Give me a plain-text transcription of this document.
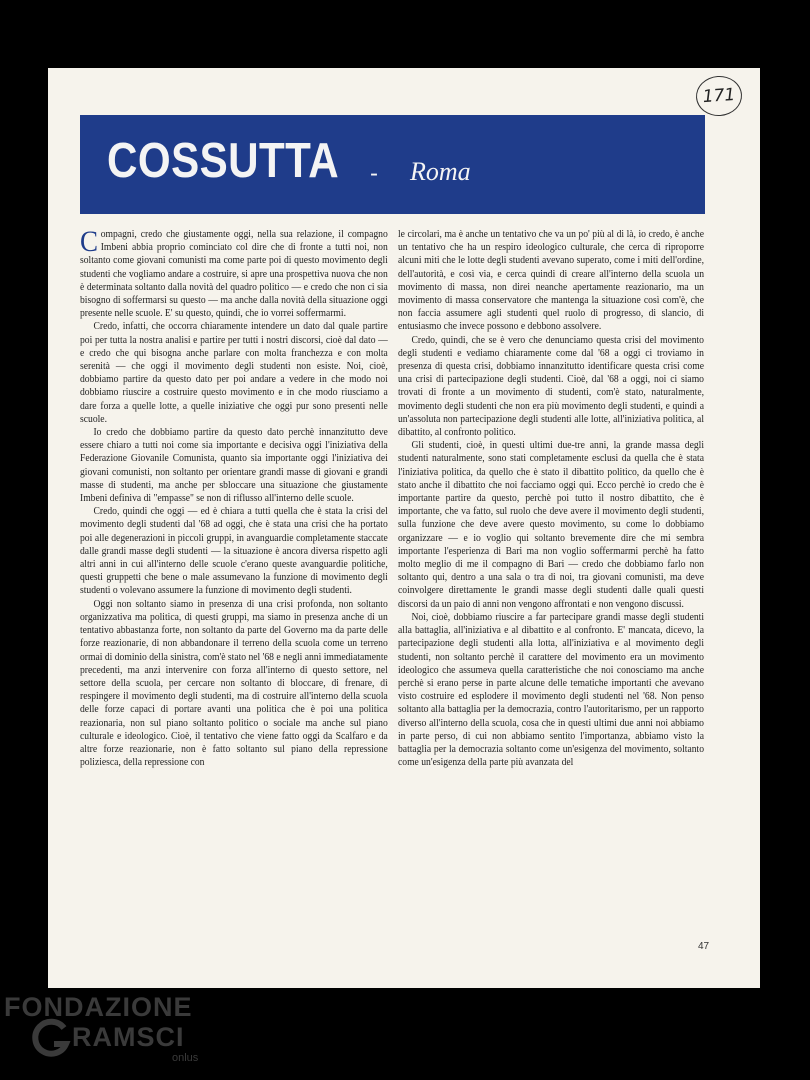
171
COSSUTTA - Roma

Compagni, credo che giustamente oggi, nella sua relazione, il compagno Imbeni abbia proprio cominciato col dire che di fronte a tutti noi, non soltanto come giovani comunisti ma come parte poi di questo movimento degli studenti che vogliamo andare a costruire, si apre una prospettiva nuova che non è determinata soltanto dalla novità del quadro politico — e credo che non ci sia bisogno di soffermarsi su questo — ma anche dalla novità della situazione oggi presente nelle scuole. E' su questo, quindi, che io vorrei soffermarmi.

Credo, infatti, che occorra chiaramente intendere un dato dal quale partire poi per tutta la nostra analisi e partire per tutti i nostri discorsi, cioè dal dato — e credo che qui bisogna anche parlare con molta franchezza e con molta serenità — che oggi il movimento degli studenti non esiste. Noi, cioè, dobbiamo partire da questo dato per poi andare a vedere in che modo noi dobbiamo riuscire a costruire questo movimento e in che modo riusciamo a dare forza a quelle lotte, a quelle iniziative che oggi pur sono presenti nelle scuole.

Io credo che dobbiamo partire da questo dato perchè innanzitutto deve essere chiaro a tutti noi come sia importante e decisiva oggi l'iniziativa della Federazione Giovanile Comunista, quanto sia importante oggi l'iniziativa dei giovani comunisti, non soltanto per orientare grandi masse di giovani e grandi masse di studenti, ma anche per sbloccare una situazione che giustamente Imbeni definiva di "empasse" se non di riflusso all'interno delle scuole.

Credo, quindi che oggi — ed è chiara a tutti quella che è stata la crisi del movimento degli studenti dal '68 ad oggi, che è stata una crisi che ha portato poi alle degenerazioni in piccoli gruppi, in avanguardie completamente staccate dalle grandi masse degli studenti — la situazione è ancora diversa rispetto agli altri anni in cui all'interno delle scuole c'erano queste avanguardie politiche, questi gruppetti che bene o male assumevano la funzione di movimento degli studenti o volevano assumere la funzione di movimento degli studenti.

Oggi non soltanto siamo in presenza di una crisi profonda, non soltanto organizzativa ma politica, di questi gruppi, ma siamo in presenza anche di un tentativo abbastanza forte, non soltanto da parte del Governo ma da parte delle forze reazionarie, di non abbandonare il terreno della scuola come un terreno ormai di dominio della sinistra, com'è stato nel '68 e negli anni immediatamente precedenti, ma anzi intervenire con forza all'interno di questo settore, nel settore della scuola, per cercare non soltanto di bloccare, di frenare, di respingere il movimento degli studenti, ma di costruire all'interno della scuola delle forze capaci di portare avanti una politica che è poi una politica reazionaria, non sul piano soltanto politico o sociale ma anche sul piano culturale e ideologico. Cioè, il tentativo che viene fatto oggi da Scalfaro e da altre forze reazionarie, non è fatto soltanto sul piano della repressione poliziesca, della repressione con

le circolari, ma è anche un tentativo che va un po' più al di là, io credo, è anche un tentativo che ha un respiro ideologico culturale, che cerca di riproporre alcuni miti che le lotte degli studenti avevano superato, come i miti dell'ordine, dell'autorità, e così via, e cerca quindi di creare all'interno della scuola un movimento di massa, non direi neanche apertamente reazionario, ma un movimento di massa conservatore che mantenga la situazione così com'è, che non faccia assumere agli studenti quel ruolo di progresso, di slancio, di entusiasmo che invece possono e debbono assolvere.

Credo, quindi, che se è vero che denunciamo questa crisi del movimento degli studenti e vediamo chiaramente come dal '68 a oggi ci troviamo in presenza di questa crisi, dobbiamo innanzitutto identificare questa crisi come una crisi di partecipazione degli studenti. Cioè, dal '68 a oggi, noi ci siamo trovati di fronte a un movimento di studenti, com'è stato, naturalmente, movimento degli studenti che non era più movimento degli studenti, e quindi a un'assoluta non partecipazione degli studenti alle lotte, all'iniziativa politica, al dibattito, al confronto politico.

Gli studenti, cioè, in questi ultimi due-tre anni, la grande massa degli studenti naturalmente, sono stati completamente esclusi da quella che è stata l'iniziativa politica, da quello che è stato il dibattito politico, da quello che è stato anche il dibattito che noi facciamo oggi qui. Ecco perchè io credo che è importante partire da questo, perchè poi tutto il nostro dibattito, che è importante, che va fatto, sul ruolo che deve avere il movimento degli studenti, sulla funzione che deve avere questo movimento, su come lo dobbiamo organizzare — e io voglio qui soltanto brevemente dire che mi sembra importante l'esperienza di Bari ma non voglio soffermarmi perchè ha fatto molto meglio di me il compagno di Bari — credo che dobbiamo farlo non soltanto qui, dentro a una sala o tra di noi, tra giovani comunisti, ma deve coinvolgere direttamente le grandi masse degli studenti dalle quali questi discorsi da un paio di anni non vengono affrontati e non vengono discussi.

Noi, cioè, dobbiamo riuscire a far partecipare grandi masse degli studenti alla battaglia, all'iniziativa e al dibattito e al confronto. E' mancata, dicevo, la partecipazione degli studenti alla lotta, all'iniziativa e al movimento degli studenti, non soltanto perchè il carattere del movimento era un movimento ideologico che assumeva quella caratteristiche che noi conosciamo ma anche perchè si erano perse in parte alcune delle tematiche importanti che avevano visto costruire ed esplodere il movimento degli studenti nel '68. Non penso soltanto alla battaglia per la democrazia, contro l'autoritarismo, per un rapporto diverso all'interno della scuola, cosa che in questi ultimi due anni noi abbiamo in parte perso, di cui non abbiamo sentito l'importanza, abbiamo visto la battaglia per la democrazia soltanto come un'esigenza del movimento, soltanto come un'esigenza della parte più avanzata del

47
FONDAZIONE
RAMSCI
onlus
